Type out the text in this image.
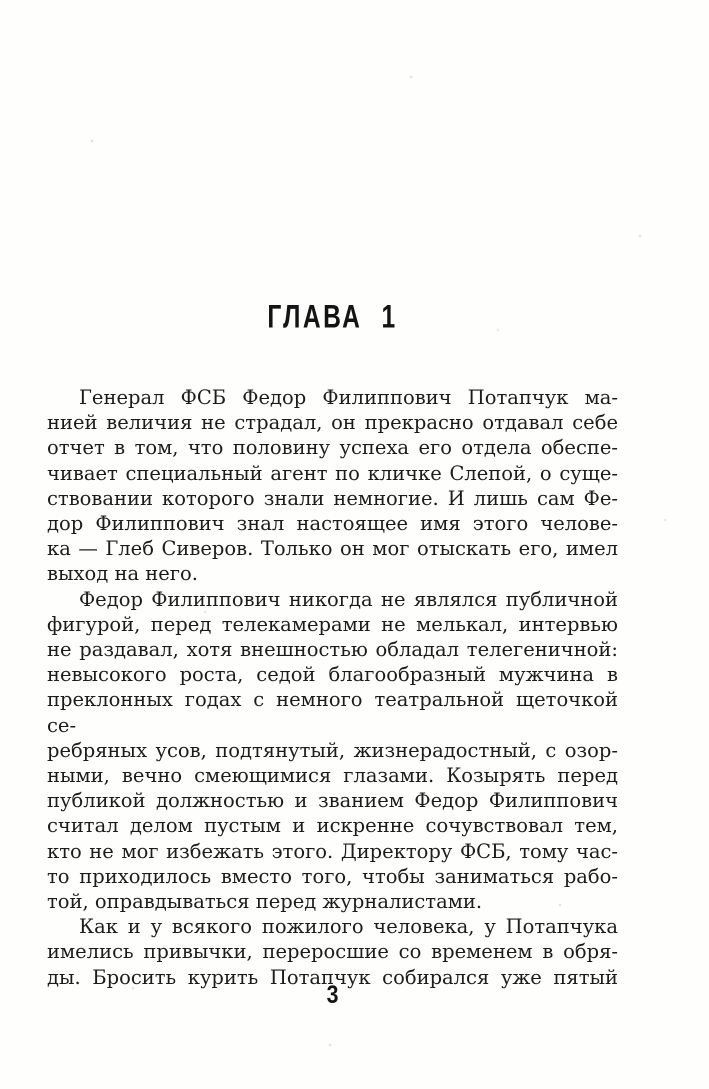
ГЛАВА 1
Генерал ФСБ Федор Филиппович Потапчук ма-
нией величия не страдал, он прекрасно отдавал себе
отчет в том, что половину успеха его отдела обеспе-
чивает специальный агент по кличке Слепой, о суще-
ствовании которого знали немногие. И лишь сам Фе-
дор Филиппович знал настоящее имя этого челове-
ка — Глеб Сиверов. Только он мог отыскать его, имел
выход на него.
Федор Филиппович никогда не являлся публичной
фигурой, перед телекамерами не мелькал, интервью
не раздавал, хотя внешностью обладал телегеничной:
невысокого роста, седой благообразный мужчина в
преклонных годах с немного театральной щеточкой се-
ребряных усов, подтянутый, жизнерадостный, с озор-
ными, вечно смеющимися глазами. Козырять перед
публикой должностью и званием Федор Филиппович
считал делом пустым и искренне сочувствовал тем,
кто не мог избежать этого. Директору ФСБ, тому час-
то приходилось вместо того, чтобы заниматься рабо-
той, оправдываться перед журналистами.
Как и у всякого пожилого человека, у Потапчука
имелись привычки, переросшие со временем в обря-
ды. Бросить курить Потапчук собирался уже пятый
3
